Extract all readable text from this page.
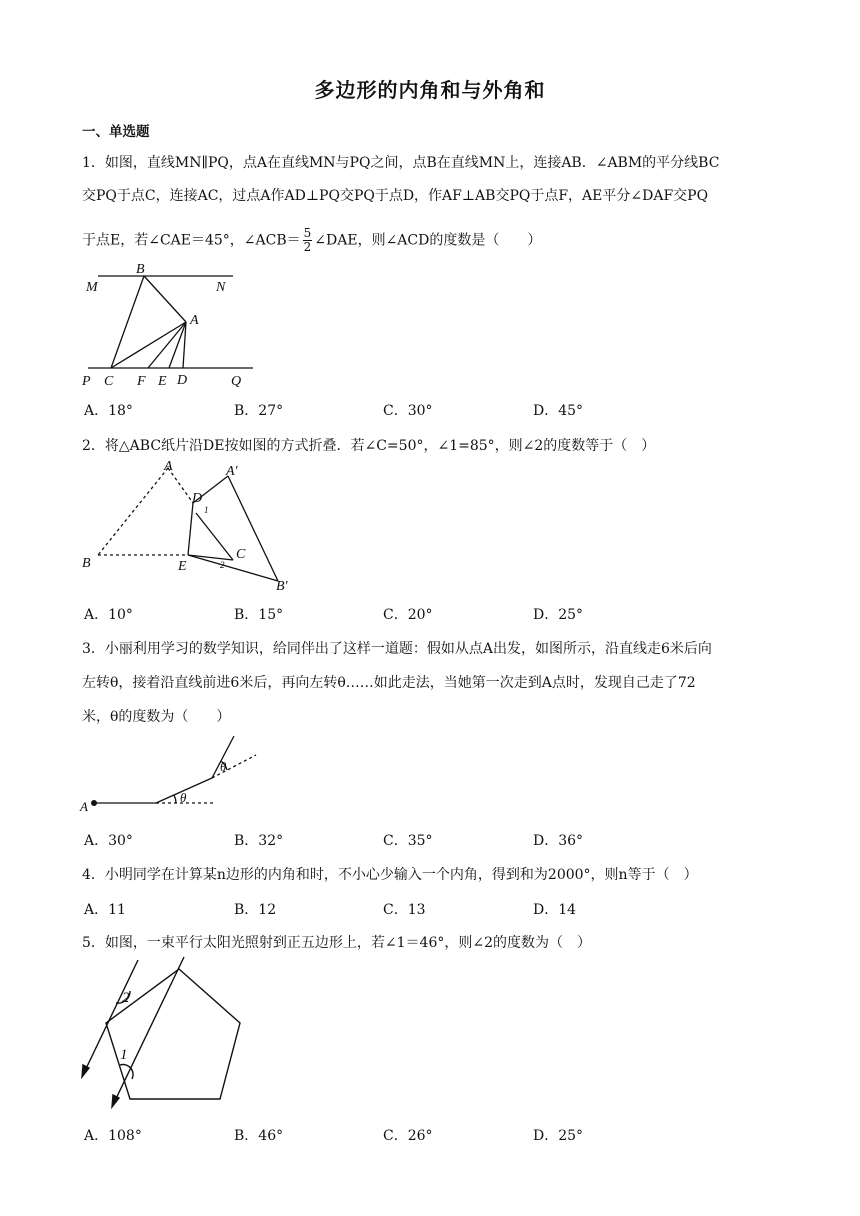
多边形的内角和与外角和
一、单选题
1．如图，直线MN∥PQ，点A在直线MN与PQ之间，点B在直线MN上，连接AB．∠ABM的平分线BC
交PQ于点C，连接AC，过点A作AD⊥PQ交PQ于点D，作AF⊥AB交PQ于点F，AE平分∠DAF交PQ
于点E，若∠CAE＝45°，∠ACB＝ $\frac{5}{2}$ ∠DAE，则∠ACD的度数是（　　）
B
M	N
A
P C F E D	Q
A．18°	B．27°	C．30°	D．45°
2．将△ABC纸片沿DE按如图的方式折叠．若∠C=50°，∠1=85°，则∠2的度数等于（　）
A	A′
D
1
B
C
E	2
B′
A．10°	B．15°	C．20°	D．25°
3．小丽利用学习的数学知识，给同伴出了这样一道题：假如从点A出发，如图所示，沿直线走6米后向
左转θ，接着沿直线前进6米后，再向左转θ……如此走法，当她第一次走到A点时，发现自己走了72
米，θ的度数为（　　）
A
θ
θ
A．30°	B．32°	C．35°	D．36°
4．小明同学在计算某n边形的内角和时，不小心少输入一个内角，得到和为2000°，则n等于（　）
A．11	B．12	C．13	D．14
5．如图，一束平行太阳光照射到正五边形上，若∠1＝46°，则∠2的度数为（　）
2
1
A．108°	B．46°	C．26°	D．25°
